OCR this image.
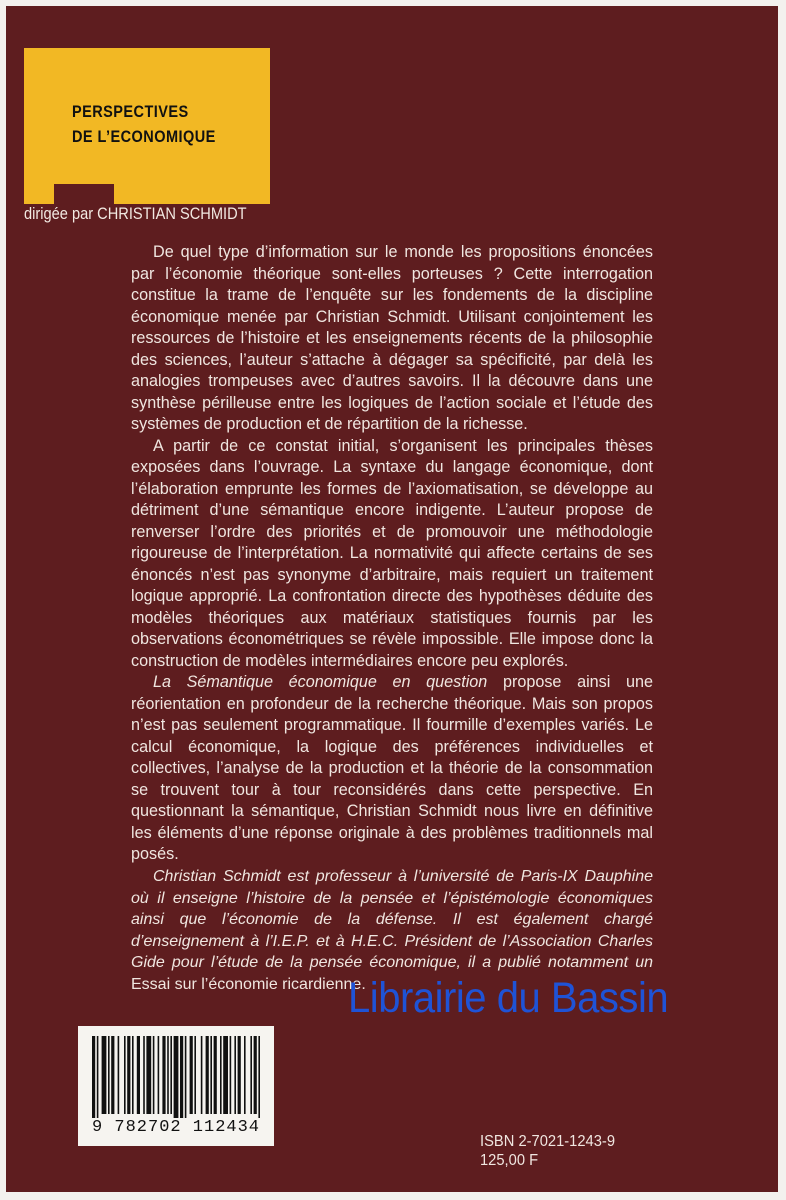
PERSPECTIVES
DE L’ECONOMIQUE
dirigée par CHRISTIAN SCHMIDT

De quel type d’information sur le monde les propositions énoncées par l’économie théorique sont-elles porteuses ? Cette interrogation constitue la trame de l’enquête sur les fondements de la discipline économique menée par Christian Schmidt. Utilisant conjointement les ressources de l’histoire et les enseignements récents de la philosophie des sciences, l’auteur s’attache à dégager sa spécificité, par delà les analogies trompeuses avec d’autres savoirs. Il la découvre dans une synthèse périlleuse entre les logiques de l’action sociale et l’étude des systèmes de production et de répartition de la richesse.

A partir de ce constat initial, s’organisent les principales thèses exposées dans l’ouvrage. La syntaxe du langage économique, dont l’élaboration emprunte les formes de l’axiomatisation, se développe au détriment d’une sémantique encore indigente. L’auteur propose de renverser l’ordre des priorités et de promouvoir une méthodologie rigoureuse de l’interprétation. La normativité qui affecte certains de ses énoncés n’est pas synonyme d’arbitraire, mais requiert un traitement logique approprié. La confrontation directe des hypothèses déduite des modèles théoriques aux matériaux statistiques fournis par les observations économétriques se révèle impossible. Elle impose donc la construction de modèles intermédiaires encore peu explorés.

La Sémantique économique en question propose ainsi une réorientation en profondeur de la recherche théorique. Mais son propos n’est pas seulement programmatique. Il fourmille d’exemples variés. Le calcul économique, la logique des préférences individuelles et collectives, l’analyse de la production et la théorie de la consommation se trouvent tour à tour reconsidérés dans cette perspective. En questionnant la sémantique, Christian Schmidt nous livre en définitive les éléments d’une réponse originale à des problèmes traditionnels mal posés.

Christian Schmidt est professeur à l’université de Paris-IX Dauphine où il enseigne l’histoire de la pensée et l’épistémologie économiques ainsi que l’économie de la défense. Il est également chargé d’enseignement à l’I.E.P. et à H.E.C. Président de l’Association Charles Gide pour l’étude de la pensée économique, il a publié notamment un Essai sur l’économie ricardienne.
Librairie du Bassin
9 782702 112434
ISBN 2-7021-1243-9
125,00 F
